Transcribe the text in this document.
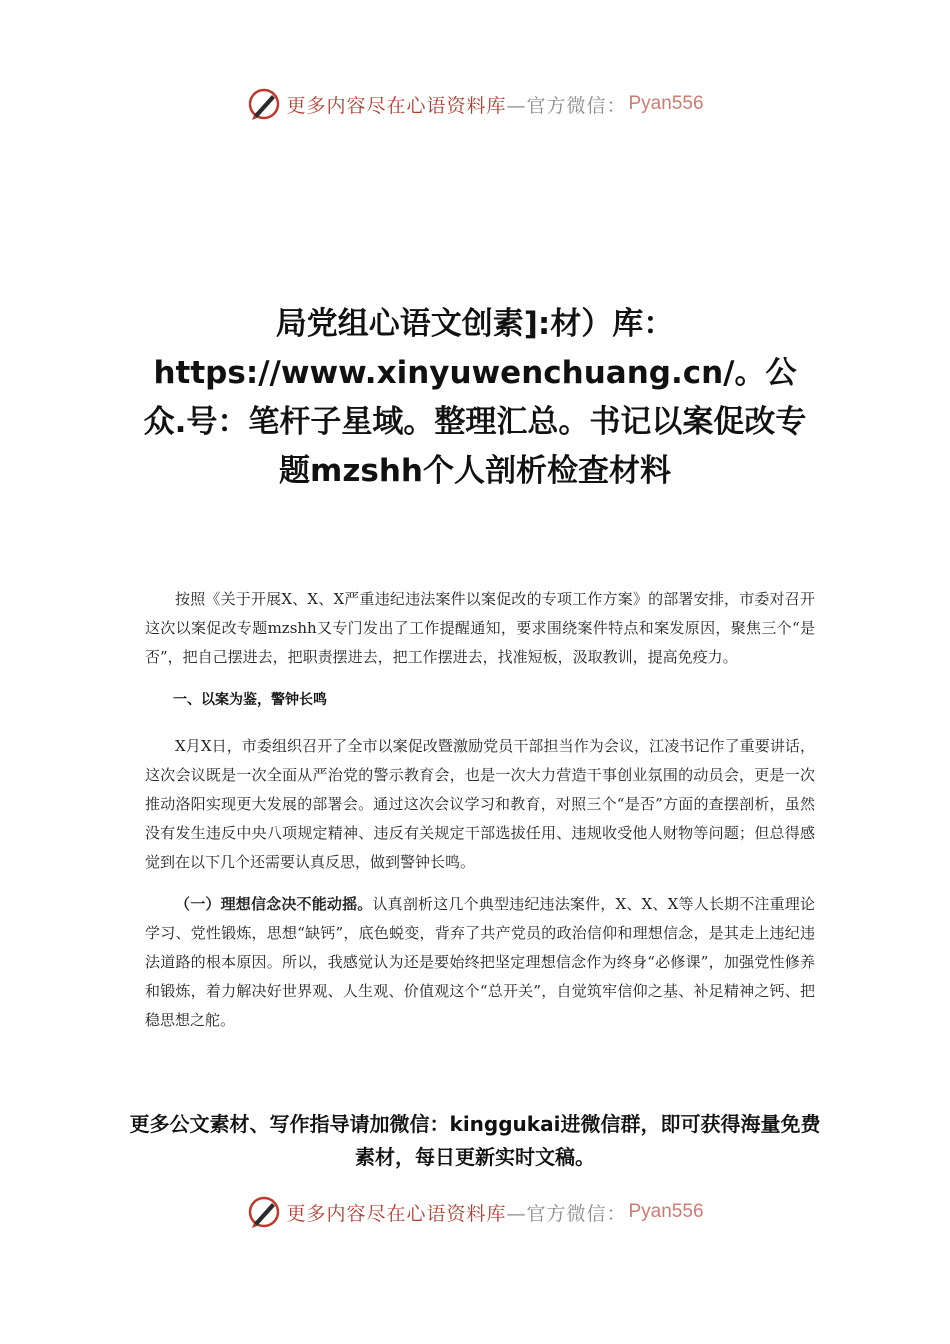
更多内容尽在心语资料库 —官方微信： Pyan556
局党组心语文创素]:材）库：https://www.xinyuwenchuang.cn/。公众.号：笔杆子星域。整理汇总。书记以案促改专题mzshh个人剖析检查材料

按照《关于开展X、X、X严重违纪违法案件以案促改的专项工作方案》的部署安排，市委对召开这次以案促改专题mzshh又专门发出了工作提醒通知，要求围绕案件特点和案发原因，聚焦三个“是否”，把自己摆进去，把职责摆进去，把工作摆进去，找准短板，汲取教训，提高免疫力。

一、以案为鉴，警钟长鸣

X月X日，市委组织召开了全市以案促改暨激励党员干部担当作为会议，江凌书记作了重要讲话，这次会议既是一次全面从严治党的警示教育会，也是一次大力营造干事创业氛围的动员会，更是一次推动洛阳实现更大发展的部署会。通过这次会议学习和教育，对照三个“是否”方面的查摆剖析，虽然没有发生违反中央八项规定精神、违反有关规定干部选拔任用、违规收受他人财物等问题；但总得感觉到在以下几个还需要认真反思，做到警钟长鸣。

（一）理想信念决不能动摇。认真剖析这几个典型违纪违法案件，X、X、X等人长期不注重理论学习、党性锻炼，思想“缺钙”，底色蜕变，背弃了共产党员的政治信仰和理想信念，是其走上违纪违法道路的根本原因。所以，我感觉认为还是要始终把坚定理想信念作为终身“必修课”，加强党性修养和锻炼，着力解决好世界观、人生观、价值观这个“总开关”，自觉筑牢信仰之基、补足精神之钙、把稳思想之舵。

更多公文素材、写作指导请加微信：kinggukai进微信群，即可获得海量免费素材，每日更新实时文稿。
更多内容尽在心语资料库 —官方微信： Pyan556
